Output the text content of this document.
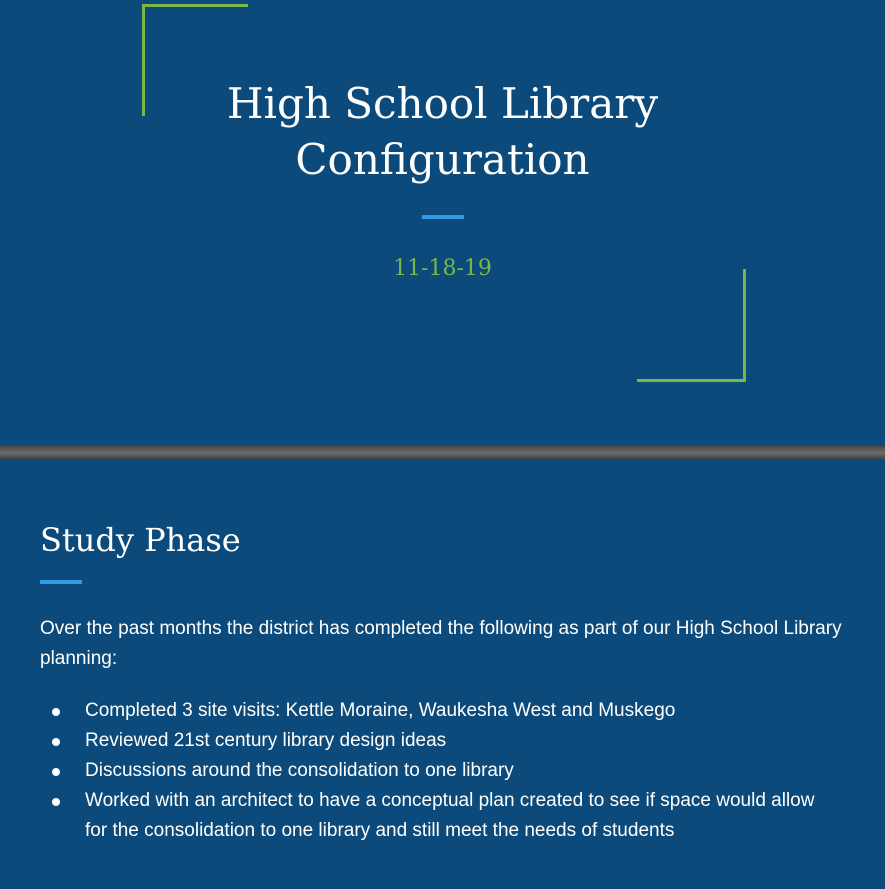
High School Library
Configuration
11-18-19
Study Phase

Over the past months the district has completed the following as part of our High School Library planning:

Completed 3 site visits: Kettle Moraine, Waukesha West and Muskego
Reviewed 21st century library design ideas
Discussions around the consolidation to one library
Worked with an architect to have a conceptual plan created to see if space would allow for the consolidation to one library and still meet the needs of students
